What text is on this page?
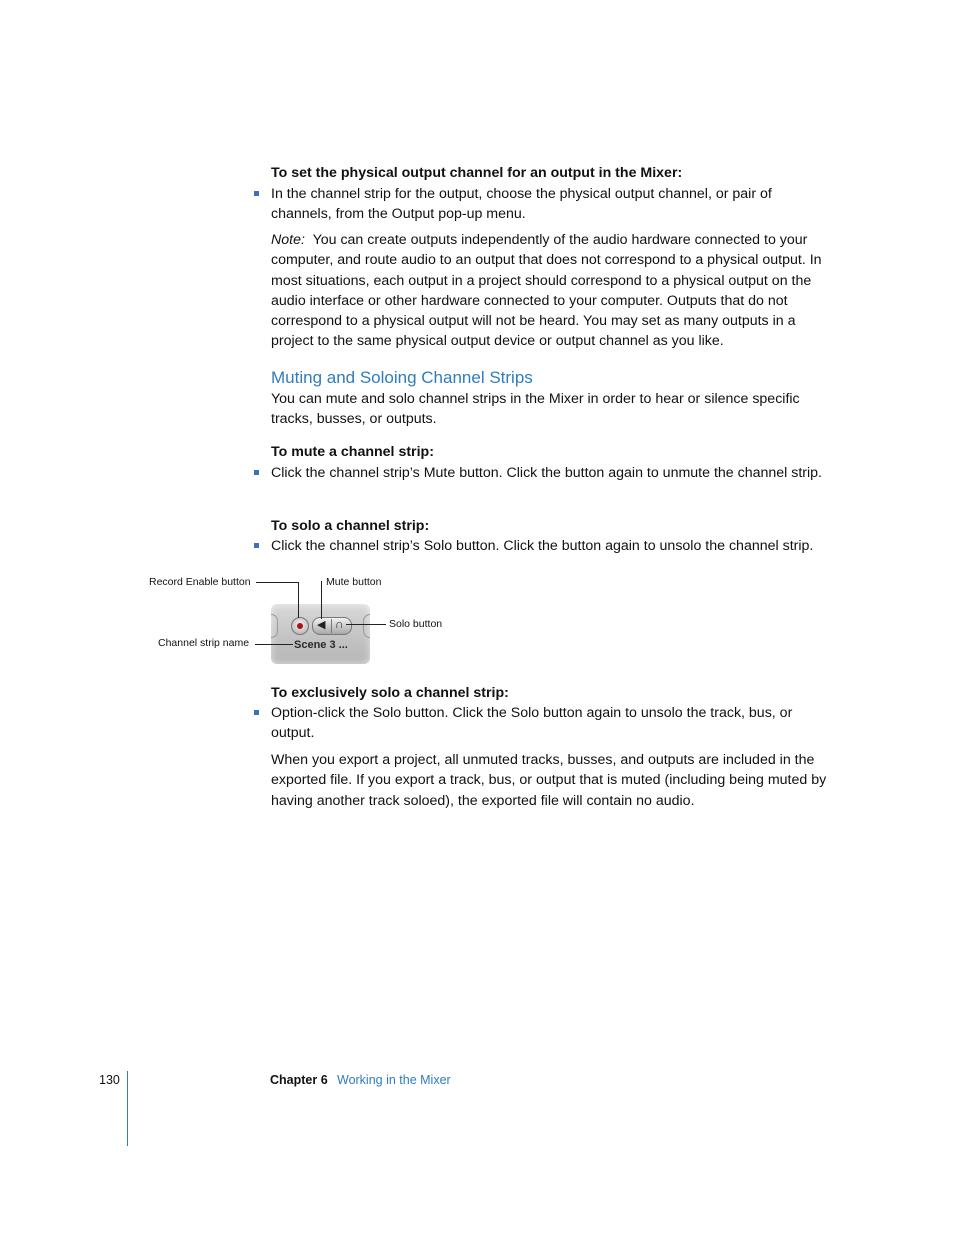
To set the physical output channel for an output in the Mixer:

In the channel strip for the output, choose the physical output channel, or pair of channels, from the Output pop-up menu.

Note: You can create outputs independently of the audio hardware connected to your computer, and route audio to an output that does not correspond to a physical output. In most situations, each output in a project should correspond to a physical output on the audio interface or other hardware connected to your computer. Outputs that do not correspond to a physical output will not be heard. You may set as many outputs in a project to the same physical output device or output channel as you like.

Muting and Soloing Channel Strips

You can mute and solo channel strips in the Mixer in order to hear or silence specific tracks, busses, or outputs.

To mute a channel strip:

Click the channel strip’s Mute button. Click the button again to unmute the channel strip.

To solo a channel strip:

Click the channel strip’s Solo button. Click the button again to unsolo the channel strip.
◀ ∩
Scene 3 ...
Record Enable button	Mute button
Solo button
Channel strip name

To exclusively solo a channel strip:

Option-click the Solo button. Click the Solo button again to unsolo the track, bus, or output.

When you export a project, all unmuted tracks, busses, and outputs are included in the exported file. If you export a track, bus, or output that is muted (including being muted by having another track soloed), the exported file will contain no audio.

130	Chapter 6 Working in the Mixer
